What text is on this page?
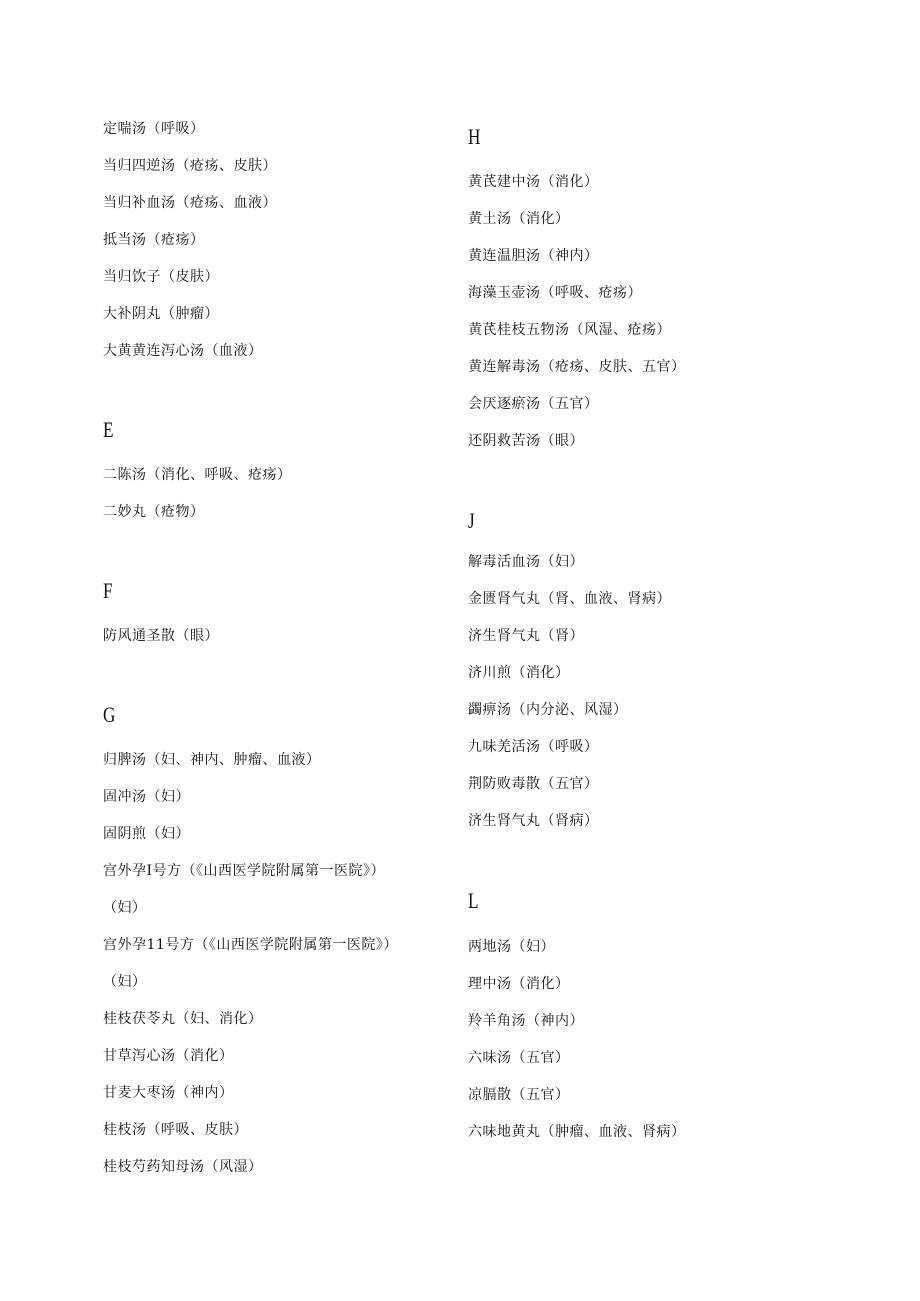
定喘汤（呼吸）
当归四逆汤（疮疡、皮肤）
当归补血汤（疮疡、血液）
抵当汤（疮疡）
当归饮子（皮肤）
大补阴丸（肿瘤）
大黄黄连泻心汤（血液）
E
二陈汤（消化、呼吸、疮疡）
二妙丸（疮物）
F
防风通圣散（眼）
G
归脾汤（妇、神内、肿瘤、血液）
固冲汤（妇）
固阴煎（妇）
宫外孕Ⅰ号方（《山西医学院附属第一医院》）
（妇）
宫外孕11号方（《山西医学院附属第一医院》）
（妇）
桂枝茯苓丸（妇、消化）
甘草泻心汤（消化）
甘麦大枣汤（神内）
桂枝汤（呼吸、皮肤）
桂枝芍药知母汤（风湿）
H
黄芪建中汤（消化）
黄土汤（消化）
黄连温胆汤（神内）
海藻玉壶汤（呼吸、疮疡）
黄芪桂枝五物汤（风湿、疮疡）
黄连解毒汤（疮疡、皮肤、五官）
会厌逐瘀汤（五官）
还阴救苦汤（眼）
J
解毒活血汤（妇）
金匮肾气丸（肾、血液、肾病）
济生肾气丸（肾）
济川煎（消化）
蠲痹汤（内分泌、风湿）
九味羌活汤（呼吸）
荆防败毒散（五官）
济生肾气丸（肾病）
L
两地汤（妇）
理中汤（消化）
羚羊角汤（神内）
六味汤（五官）
凉膈散（五官）
六味地黄丸（肿瘤、血液、肾病）
